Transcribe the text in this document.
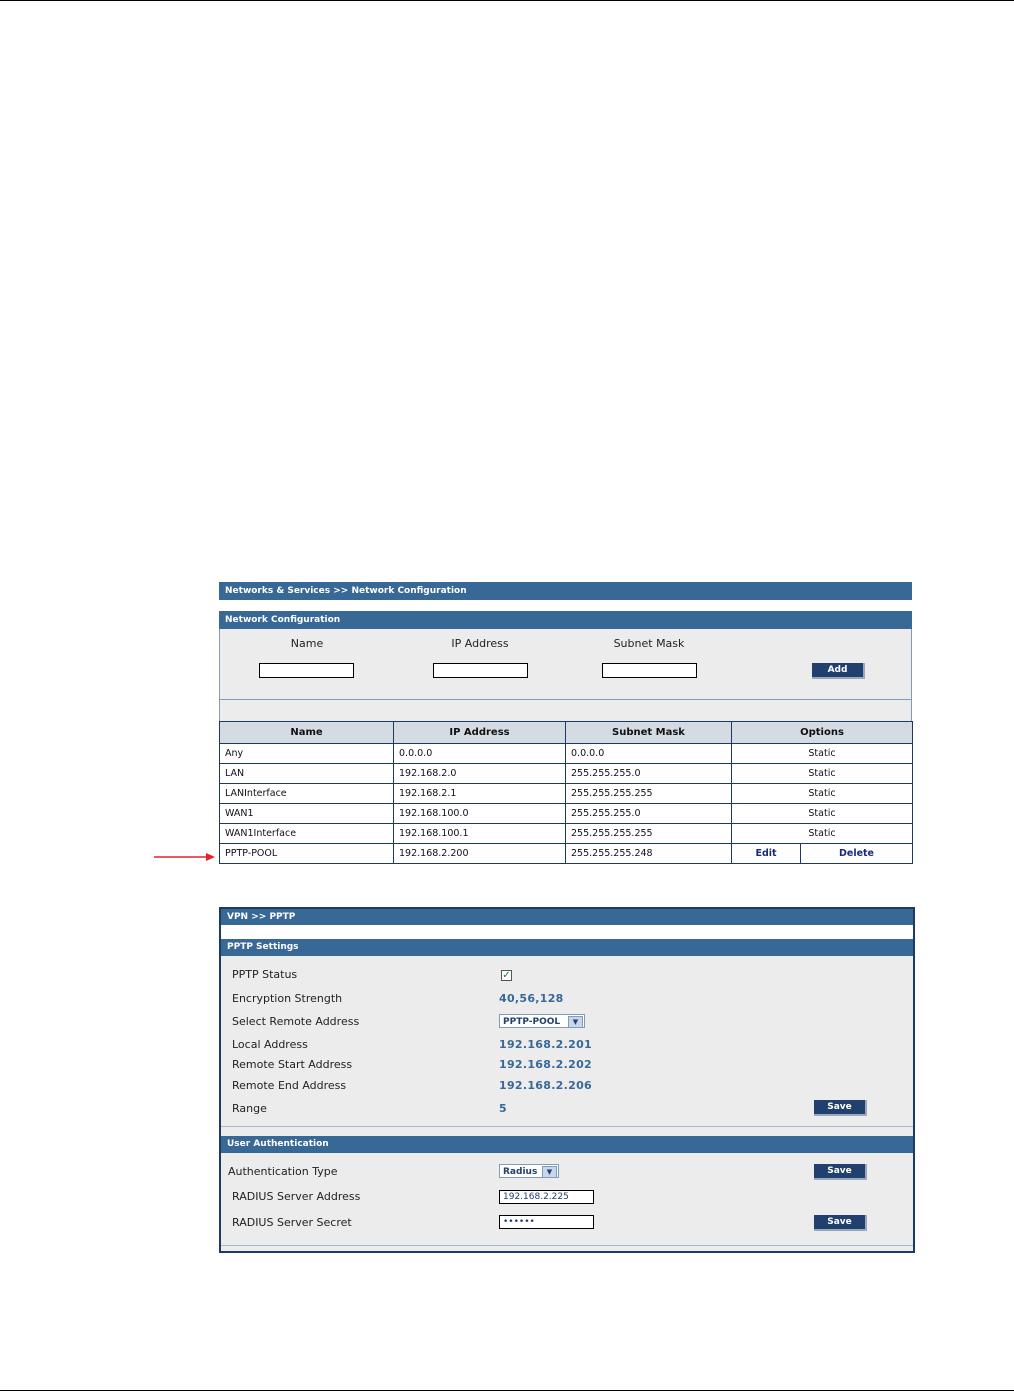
Networks & Services >> Network Configuration
Network Configuration
Name	IP Address	Subnet Mask
Add
Name	IP Address	Subnet Mask	Options	
Any	0.0.0.0	0.0.0.0	Static	
LAN	192.168.2.0	255.255.255.0	Static	
LANInterface	192.168.2.1	255.255.255.255	Static	
WAN1	192.168.100.0	255.255.255.0	Static	
WAN1Interface	192.168.100.1	255.255.255.255	Static	
PPTP-POOL	192.168.2.200	255.255.255.248	Edit	Delete
VPN >> PPTP
PPTP Settings
PPTP Status	✓
Encryption Strength	40,56,128
Select Remote Address	PPTP-POOL	▼
Local Address	192.168.2.201
Remote Start Address	192.168.2.202
Remote End Address	192.168.2.206
Range	5	Save
User Authentication
Authentication Type	Radius	▼	Save
RADIUS Server Address	192.168.2.225
RADIUS Server Secret	••••••	Save
